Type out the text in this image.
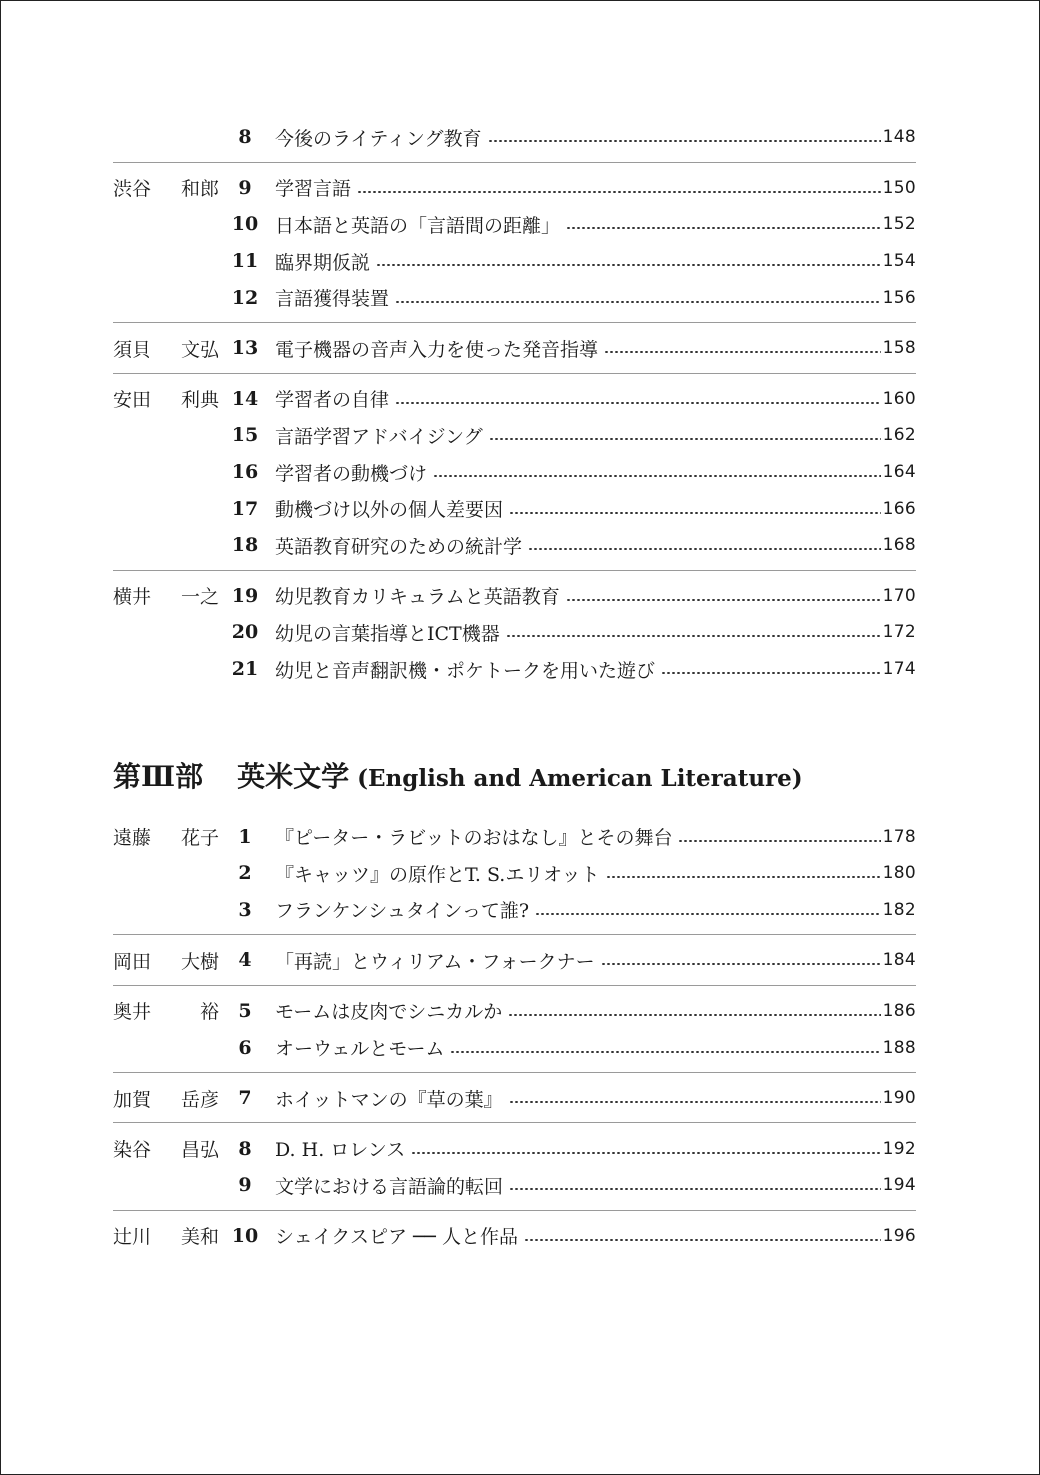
8	今後のライティング教育	148
渋谷 和郎	9	学習言語	150
10 日本語と英語の「言語間の距離」	152
11 臨界期仮説	154
12 言語獲得装置	156
須貝 文弘 13 電子機器の音声入力を使った発音指導	158
安田 利典 14 学習者の自律	160
15 言語学習アドバイジング	162
16 学習者の動機づけ	164
17 動機づけ以外の個人差要因	166
18 英語教育研究のための統計学	168
横井 一之 19 幼児教育カリキュラムと英語教育	170
20 幼児の言葉指導とICT機器	172
21 幼児と音声翻訳機・ポケトークを用いた遊び	174
第Ⅲ部 英米文学 (English and American Literature)
遠藤 花子	1	『ピーター・ラビットのおはなし』とその舞台	178
2	『キャッツ』の原作とT. S.エリオット	180
3	フランケンシュタインって誰?	182
岡田 大樹	4	「再読」とウィリアム・フォークナー	184
奥井	裕	5	モームは皮肉でシニカルか	186
6	オーウェルとモーム	188
加賀 岳彦	7	ホイットマンの『草の葉』	190
染谷 昌弘	8	D. H. ロレンス	192
9	文学における言語論的転回	194
辻川 美和 10 シェイクスピア ── 人と作品	196
